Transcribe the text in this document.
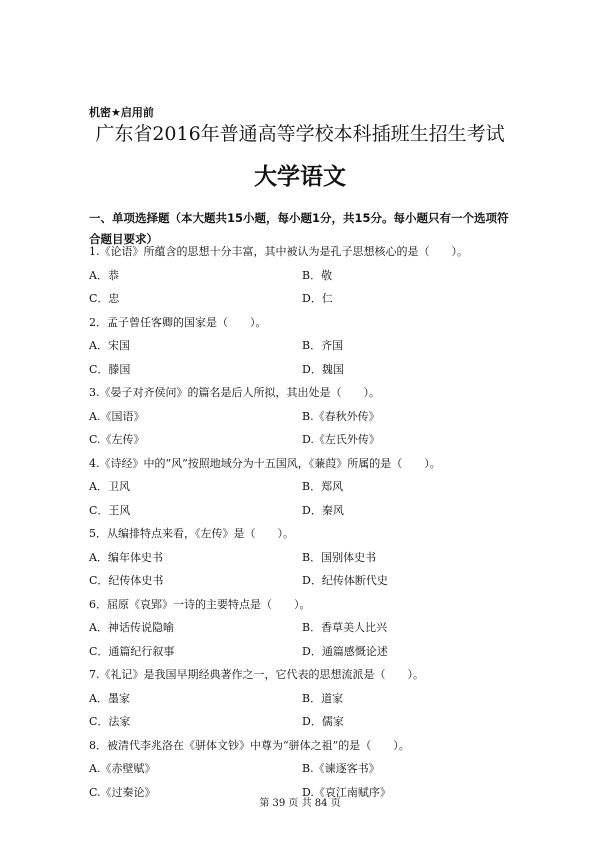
机密★启用前
广东省2016年普通高等学校本科插班生招生考试
大学语文
一、单项选择题（本大题共15小题，每小题1分，共15分。每小题只有一个选项符合题目要求）
1.《论语》所蕴含的思想十分丰富，其中被认为是孔子思想核心的是（　　）。
A．恭	B．敬
C．忠	D．仁
2．孟子曾任客卿的国家是（　　）。
A．宋国	B．齐国
C．滕国	D．魏国
3.《晏子对齐侯问》的篇名是后人所拟，其出处是（　　）。
A.《国语》	B.《春秋外传》
C.《左传》	D.《左氏外传》
4.《诗经》中的“风”按照地域分为十五国风，《蒹葭》所属的是（　　）。
A．卫风	B．郑风
C．王风	D．秦风
5．从编排特点来看，《左传》是（　　）。
A．编年体史书	B．国别体史书
C．纪传体史书	D．纪传体断代史
6．屈原《哀郢》一诗的主要特点是（　　）。
A．神话传说隐喻	B．香草美人比兴
C．通篇纪行叙事	D．通篇感慨论述
7.《礼记》是我国早期经典著作之一，它代表的思想流派是（　　）。
A．墨家	B．道家
C．法家	D．儒家
8．被清代李兆洛在《骈体文钞》中尊为“骈体之祖”的是（　　）。
A.《赤壁赋》	B.《谏逐客书》
C.《过秦论》	D.《哀江南赋序》
第 39 页 共 84 页
